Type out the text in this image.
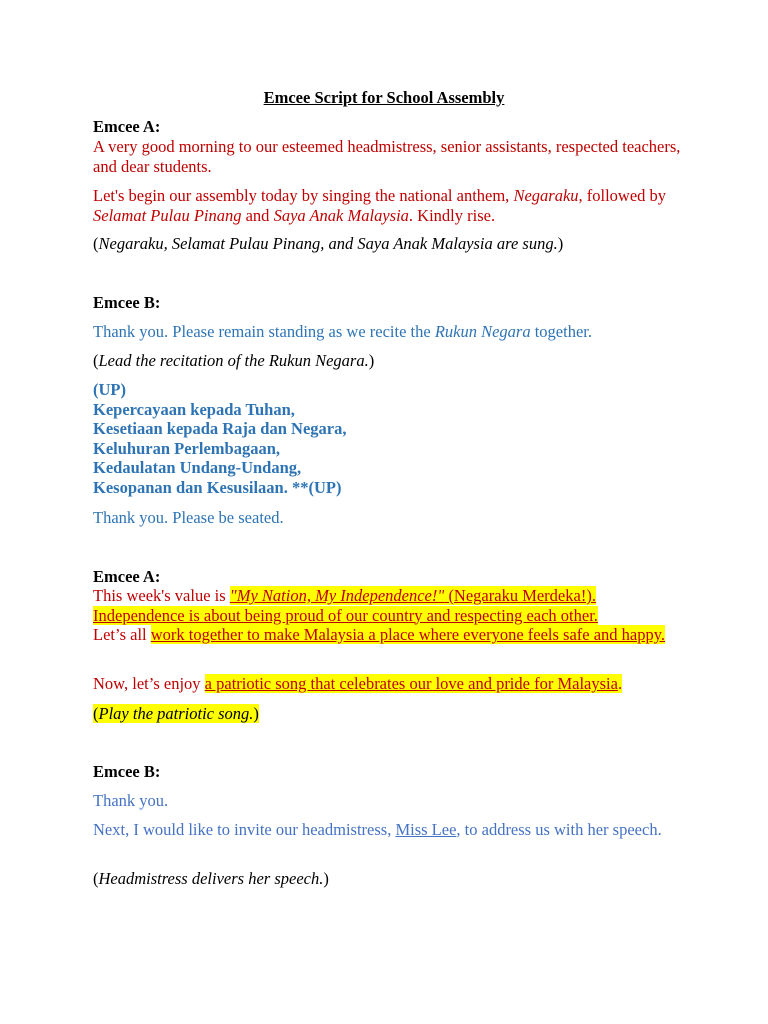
Emcee Script for School Assembly
Emcee A:
A very good morning to our esteemed headmistress, senior assistants, respected teachers, and dear students.
Let's begin our assembly today by singing the national anthem, Negaraku, followed by Selamat Pulau Pinang and Saya Anak Malaysia. Kindly rise.
(Negaraku, Selamat Pulau Pinang, and Saya Anak Malaysia are sung.)
Emcee B:
Thank you. Please remain standing as we recite the Rukun Negara together.
(Lead the recitation of the Rukun Negara.)
(UP)
Kepercayaan kepada Tuhan,
Kesetiaan kepada Raja dan Negara,
Keluhuran Perlembagaan,
Kedaulatan Undang-Undang,
Kesopanan dan Kesusilaan. **(UP)
Thank you. Please be seated.
Emcee A:
This week's value is "My Nation, My Independence!" (Negaraku Merdeka!).
Independence is about being proud of our country and respecting each other.
Let’s all work together to make Malaysia a place where everyone feels safe and happy.
Now, let’s enjoy a patriotic song that celebrates our love and pride for Malaysia.
(Play the patriotic song.)
Emcee B:
Thank you.
Next, I would like to invite our headmistress, Miss Lee, to address us with her speech.
(Headmistress delivers her speech.)
